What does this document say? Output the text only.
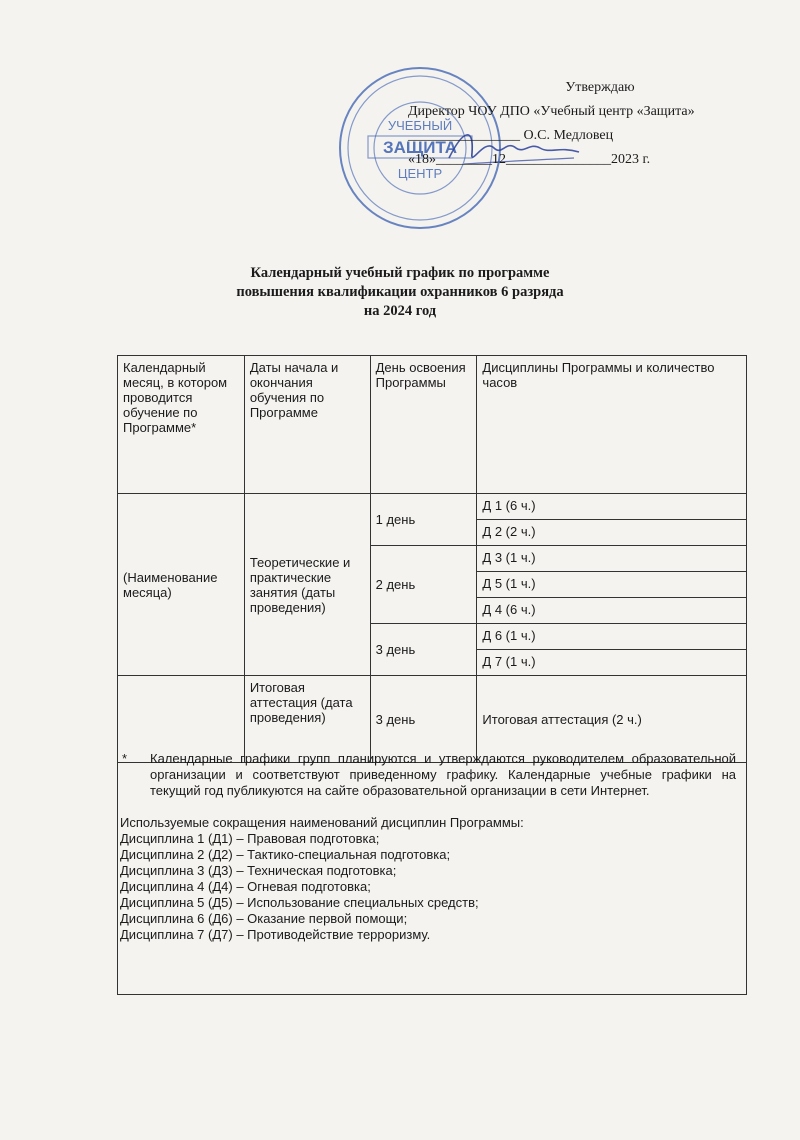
УЧЕБНЫЙ
ЗАЩИТА
ЦЕНТР
Утверждаю
Директор ЧОУ ДПО «Учебный центр «Защита»
________________ О.С. Медловец
«18»________12_______________2023 г.
Календарный учебный график по программе
повышения квалификации охранников 6 разряда
на 2024 год
Календарный месяц, в котором проводится обучение по Программе*	Даты начала и окончания обучения по Программе	День освоения Программы	Дисциплины Программы и количество часов
(Наименование месяца)	Теоретические и практические занятия (даты проведения)	1 день	Д 1 (6 ч.)
			Д 2 (2 ч.)
		2 день	Д 3 (1 ч.)
			Д 5 (1 ч.)
			Д 4 (6 ч.)
		3 день	Д 6 (1 ч.)
			Д 7 (1 ч.)
	Итоговая аттестация (дата проведения)	3 день	Итоговая аттестация (2 ч.)
*	Календарные графики групп планируются и утверждаются руководителем образовательной организации и соответствуют приведенному графику. Календарные учебные графики на текущий год публикуются на сайте образовательной организации в сети Интернет.
Используемые сокращения наименований дисциплин Программы:
Дисциплина 1 (Д1) – Правовая подготовка;
Дисциплина 2 (Д2) – Тактико-специальная подготовка;
Дисциплина 3 (Д3) – Техническая подготовка;
Дисциплина 4 (Д4) – Огневая подготовка;
Дисциплина 5 (Д5) – Использование специальных средств;
Дисциплина 6 (Д6) – Оказание первой помощи;
Дисциплина 7 (Д7) – Противодействие терроризму.
